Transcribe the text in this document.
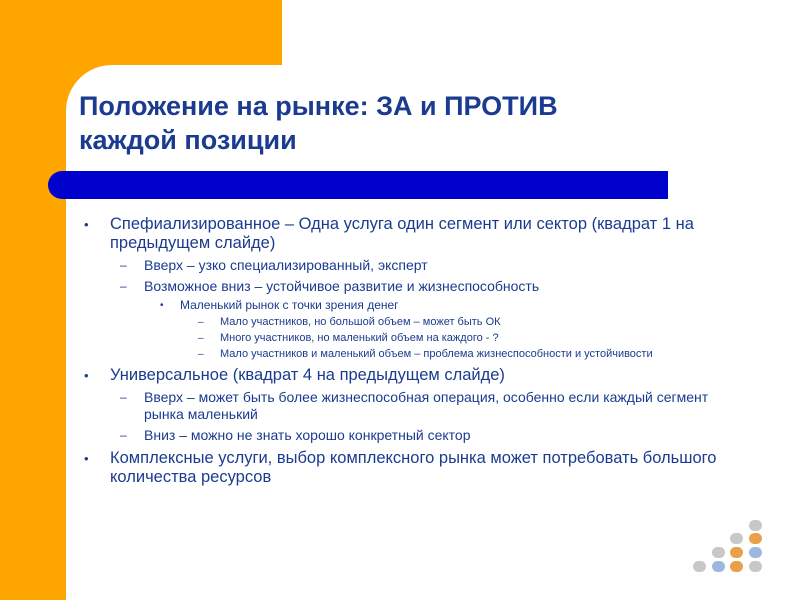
Положение на рынке: ЗА и ПРОТИВ
каждой позиции
• Спефиализированное – Одна услуга один сегмент или сектор (квадрат 1 на предыдущем слайде)
– Вверх – узко специализированный, эксперт
– Возможное вниз – устойчивое развитие и жизнеспособность
• Маленький рынок с точки зрения денег
– Мало участников, но большой объем – может быть ОК
– Много участников, но маленький объем на каждого - ?
– Мало участников и маленький объем – проблема жизнеспособности и устойчивости
• Универсальное (квадрат 4 на предыдущем слайде)
– Вверх – может быть более жизнеспособная операция, особенно если каждый сегмент рынка маленький
– Вниз – можно не знать хорошо конкретный сектор
• Комплексные услуги, выбор комплексного рынка может потребовать большого количества ресурсов
